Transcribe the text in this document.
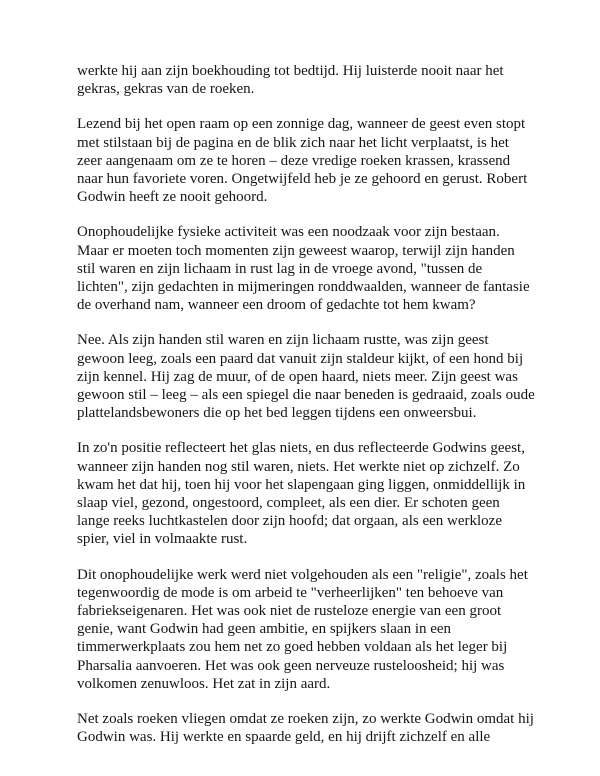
werkte hij aan zijn boekhouding tot bedtijd. Hij luisterde nooit naar het
gekras, gekras van de roeken.

Lezend bij het open raam op een zonnige dag, wanneer de geest even stopt
met stilstaan bij de pagina en de blik zich naar het licht verplaatst, is het
zeer aangenaam om ze te horen – deze vredige roeken krassen, krassend
naar hun favoriete voren. Ongetwijfeld heb je ze gehoord en gerust. Robert
Godwin heeft ze nooit gehoord.

Onophoudelijke fysieke activiteit was een noodzaak voor zijn bestaan.
Maar er moeten toch momenten zijn geweest waarop, terwijl zijn handen
stil waren en zijn lichaam in rust lag in de vroege avond, "tussen de
lichten", zijn gedachten in mijmeringen ronddwaalden, wanneer de fantasie
de overhand nam, wanneer een droom of gedachte tot hem kwam?

Nee. Als zijn handen stil waren en zijn lichaam rustte, was zijn geest
gewoon leeg, zoals een paard dat vanuit zijn staldeur kijkt, of een hond bij
zijn kennel. Hij zag de muur, of de open haard, niets meer. Zijn geest was
gewoon stil – leeg – als een spiegel die naar beneden is gedraaid, zoals oude
plattelandsbewoners die op het bed leggen tijdens een onweersbui.

In zo'n positie reflecteert het glas niets, en dus reflecteerde Godwins geest,
wanneer zijn handen nog stil waren, niets. Het werkte niet op zichzelf. Zo
kwam het dat hij, toen hij voor het slapengaan ging liggen, onmiddellijk in
slaap viel, gezond, ongestoord, compleet, als een dier. Er schoten geen
lange reeks luchtkastelen door zijn hoofd; dat orgaan, als een werkloze
spier, viel in volmaakte rust.

Dit onophoudelijke werk werd niet volgehouden als een "religie", zoals het
tegenwoordig de mode is om arbeid te "verheerlijken" ten behoeve van
fabriekseigenaren. Het was ook niet de rusteloze energie van een groot
genie, want Godwin had geen ambitie, en spijkers slaan in een
timmerwerkplaats zou hem net zo goed hebben voldaan als het leger bij
Pharsalia aanvoeren. Het was ook geen nerveuze rusteloosheid; hij was
volkomen zenuwloos. Het zat in zijn aard.

Net zoals roeken vliegen omdat ze roeken zijn, zo werkte Godwin omdat hij
Godwin was. Hij werkte en spaarde geld, en hij drijft zichzelf en alle
